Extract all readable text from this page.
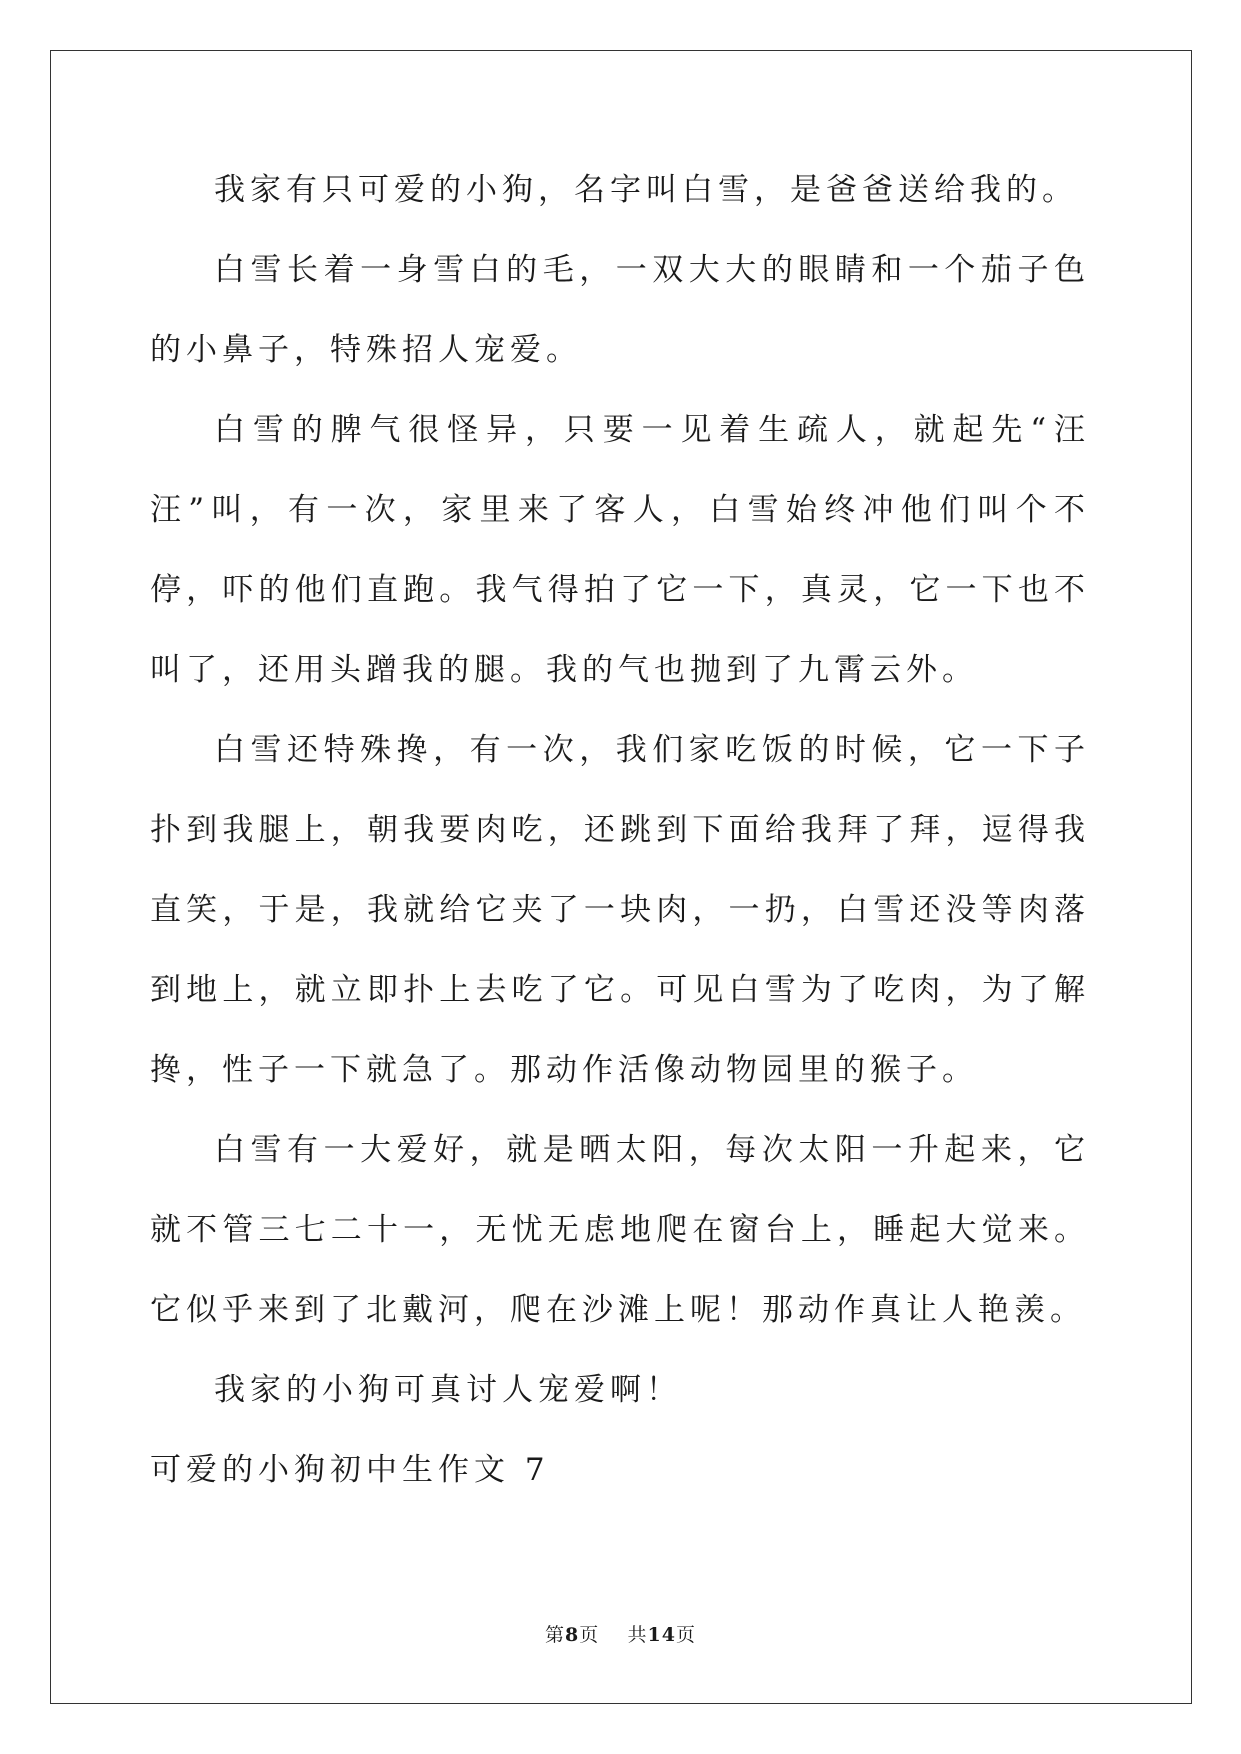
我家有只可爱的小狗，名字叫白雪，是爸爸送给我的。

白雪长着一身雪白的毛，一双大大的眼睛和一个茄子色的小鼻子，特殊招人宠爱。

白雪的脾气很怪异，只要一见着生疏人，就起先“汪汪”叫，有一次，家里来了客人，白雪始终冲他们叫个不停，吓的他们直跑。我气得拍了它一下，真灵，它一下也不叫了，还用头蹭我的腿。我的气也抛到了九霄云外。

白雪还特殊搀，有一次，我们家吃饭的时候，它一下子扑到我腿上，朝我要肉吃，还跳到下面给我拜了拜，逗得我直笑，于是，我就给它夹了一块肉，一扔，白雪还没等肉落到地上，就立即扑上去吃了它。可见白雪为了吃肉，为了解搀，性子一下就急了。那动作活像动物园里的猴子。

白雪有一大爱好，就是晒太阳，每次太阳一升起来，它就不管三七二十一，无忧无虑地爬在窗台上，睡起大觉来。它似乎来到了北戴河，爬在沙滩上呢！那动作真让人艳羡。

我家的小狗可真讨人宠爱啊！

可爱的小狗初中生作文 7

第8页 共14页
